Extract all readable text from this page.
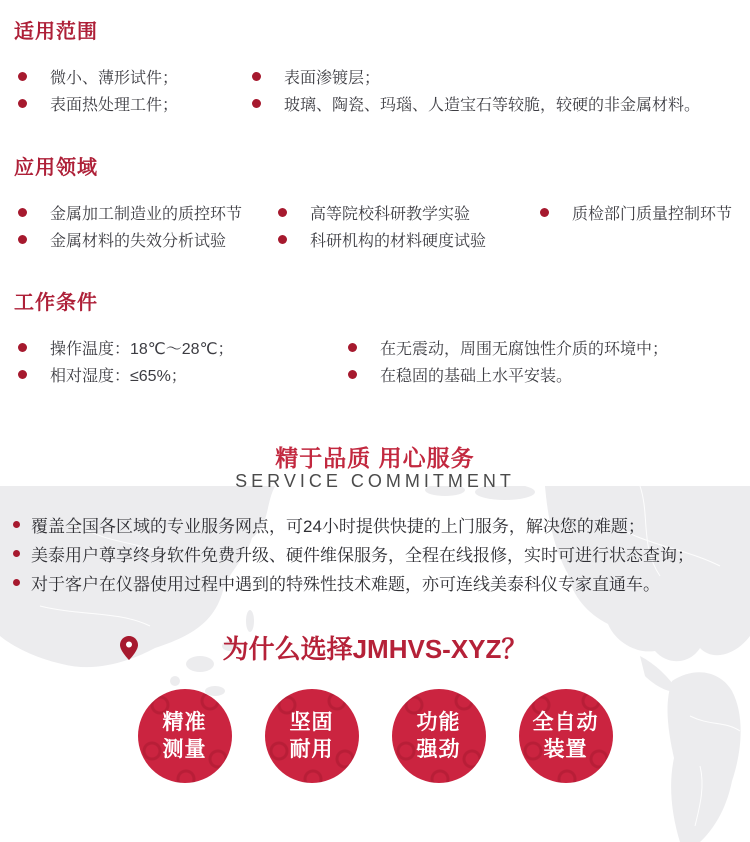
适用范围
微小、薄形试件；
表面热处理工件；
表面渗镀层；
玻璃、陶瓷、玛瑙、人造宝石等较脆，较硬的非金属材料。
应用领域
金属加工制造业的质控环节
金属材料的失效分析试验
高等院校科研教学实验
科研机构的材料硬度试验
质检部门质量控制环节
工作条件
操作温度：18℃～28℃；
相对湿度：≤65%；
在无震动，周围无腐蚀性介质的环境中；
在稳固的基础上水平安装。
精于品质 用心服务
SERVICE COMMITMENT
覆盖全国各区域的专业服务网点，可24小时提供快捷的上门服务，解决您的难题；
美泰用户尊享终身软件免费升级、硬件维保服务，全程在线报修，实时可进行状态查询；
对于客户在仪器使用过程中遇到的特殊性技术难题，亦可连线美泰科仪专家直通车。
为什么选择JMHVS-XYZ？
精准
测量
坚固
耐用
功能
强劲
全自动
装置
